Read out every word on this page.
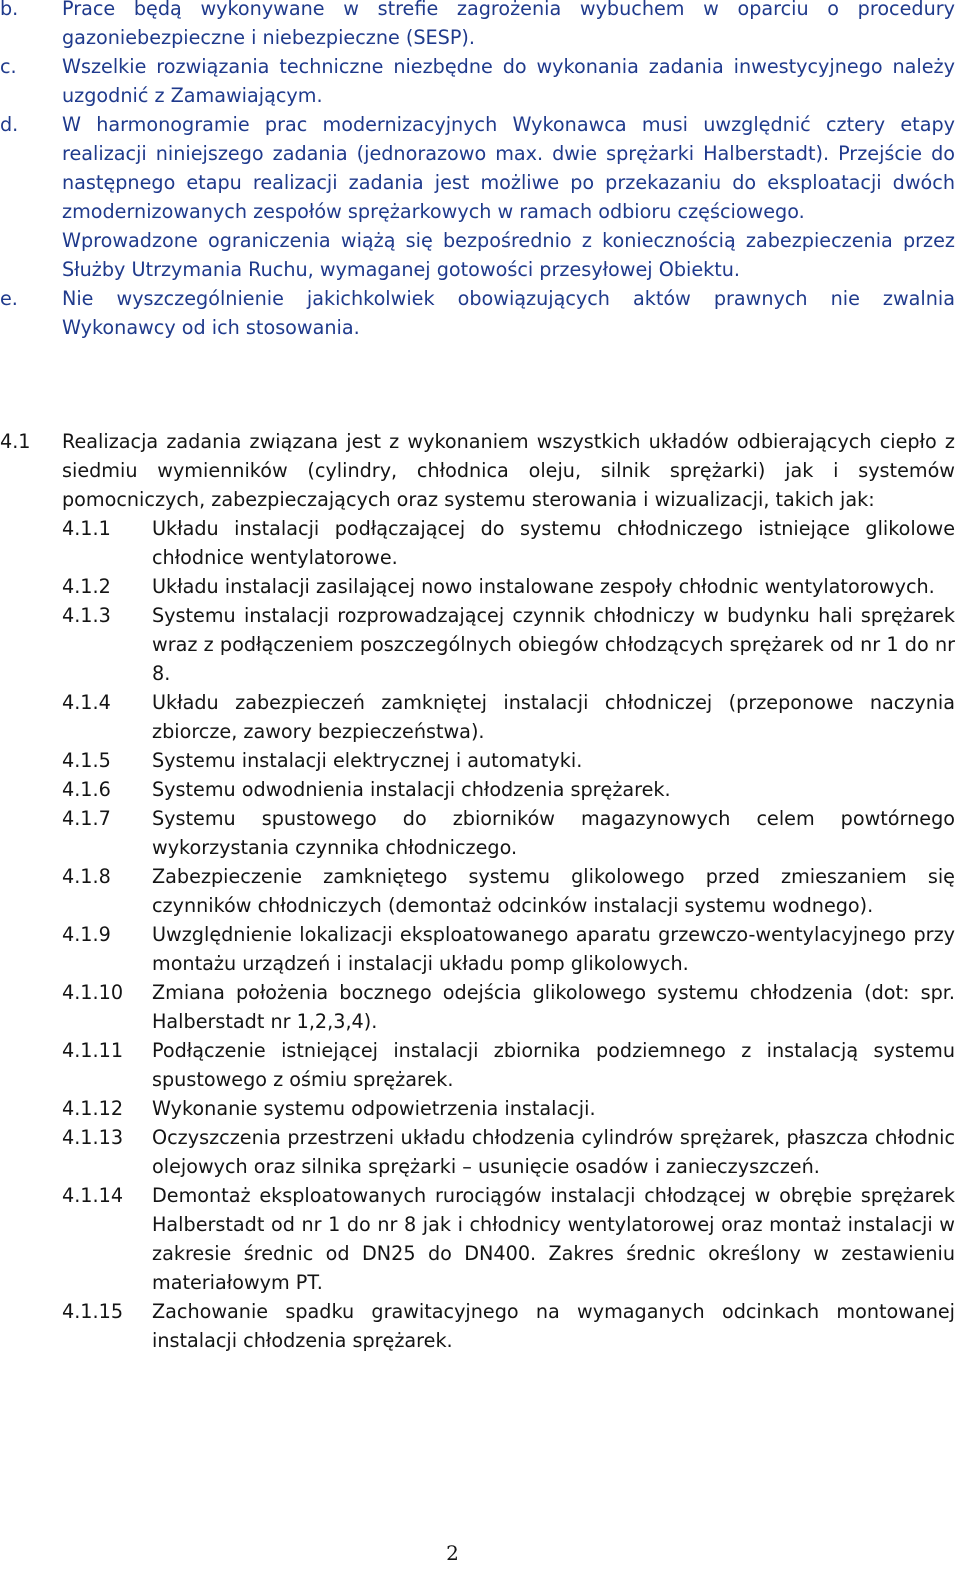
b.	Prace będą wykonywane w strefie zagrożenia wybuchem w oparciu o procedury gazoniebezpieczne i niebezpieczne (SESP).
c.	Wszelkie rozwiązania techniczne niezbędne do wykonania zadania inwestycyjnego należy uzgodnić z Zamawiającym.
d.	W harmonogramie prac modernizacyjnych Wykonawca musi uwzględnić cztery etapy realizacji niniejszego zadania (jednorazowo max. dwie sprężarki Halberstadt). Przejście do następnego etapu realizacji zadania jest możliwe po przekazaniu do eksploatacji dwóch zmodernizowanych zespołów sprężarkowych w ramach odbioru częściowego.
Wprowadzone ograniczenia wiążą się bezpośrednio z koniecznością zabezpieczenia przez Służby Utrzymania Ruchu, wymaganej gotowości przesyłowej Obiektu.
e.	Nie wyszczególnienie jakichkolwiek obowiązujących aktów prawnych nie zwalnia Wykonawcy od ich stosowania.
4.1	Realizacja zadania związana jest z wykonaniem wszystkich układów odbierających ciepło z siedmiu wymienników (cylindry, chłodnica oleju, silnik sprężarki) jak i systemów pomocniczych, zabezpieczających oraz systemu sterowania i wizualizacji, takich jak:
4.1.1	Układu instalacji podłączającej do systemu chłodniczego istniejące glikolowe chłodnice wentylatorowe.
4.1.2	Układu instalacji zasilającej nowo instalowane zespoły chłodnic wentylatorowych.
4.1.3	Systemu instalacji rozprowadzającej czynnik chłodniczy w budynku hali sprężarek wraz z podłączeniem poszczególnych obiegów chłodzących sprężarek od nr 1 do nr 8.
4.1.4	Układu zabezpieczeń zamkniętej instalacji chłodniczej (przeponowe naczynia zbiorcze, zawory bezpieczeństwa).
4.1.5	Systemu instalacji elektrycznej i automatyki.
4.1.6	Systemu odwodnienia instalacji chłodzenia sprężarek.
4.1.7	Systemu spustowego do zbiorników magazynowych celem powtórnego wykorzystania czynnika chłodniczego.
4.1.8	Zabezpieczenie zamkniętego systemu glikolowego przed zmieszaniem się czynników chłodniczych (demontaż odcinków instalacji systemu wodnego).
4.1.9	Uwzględnienie lokalizacji eksploatowanego aparatu grzewczo-wentylacyjnego przy montażu urządzeń i instalacji układu pomp glikolowych.
4.1.10	Zmiana położenia bocznego odejścia glikolowego systemu chłodzenia (dot: spr. Halberstadt nr 1,2,3,4).
4.1.11	Podłączenie istniejącej instalacji zbiornika podziemnego z instalacją systemu spustowego z ośmiu sprężarek.
4.1.12	Wykonanie systemu odpowietrzenia instalacji.
4.1.13	Oczyszczenia przestrzeni układu chłodzenia cylindrów sprężarek, płaszcza chłodnic olejowych oraz silnika sprężarki – usunięcie osadów i zanieczyszczeń.
4.1.14	Demontaż eksploatowanych rurociągów instalacji chłodzącej w obrębie sprężarek Halberstadt od nr 1 do nr 8 jak i chłodnicy wentylatorowej oraz montaż instalacji w zakresie średnic od DN25 do DN400. Zakres średnic określony w zestawieniu materiałowym PT.
4.1.15	Zachowanie spadku grawitacyjnego na wymaganych odcinkach montowanej instalacji chłodzenia sprężarek.
2
